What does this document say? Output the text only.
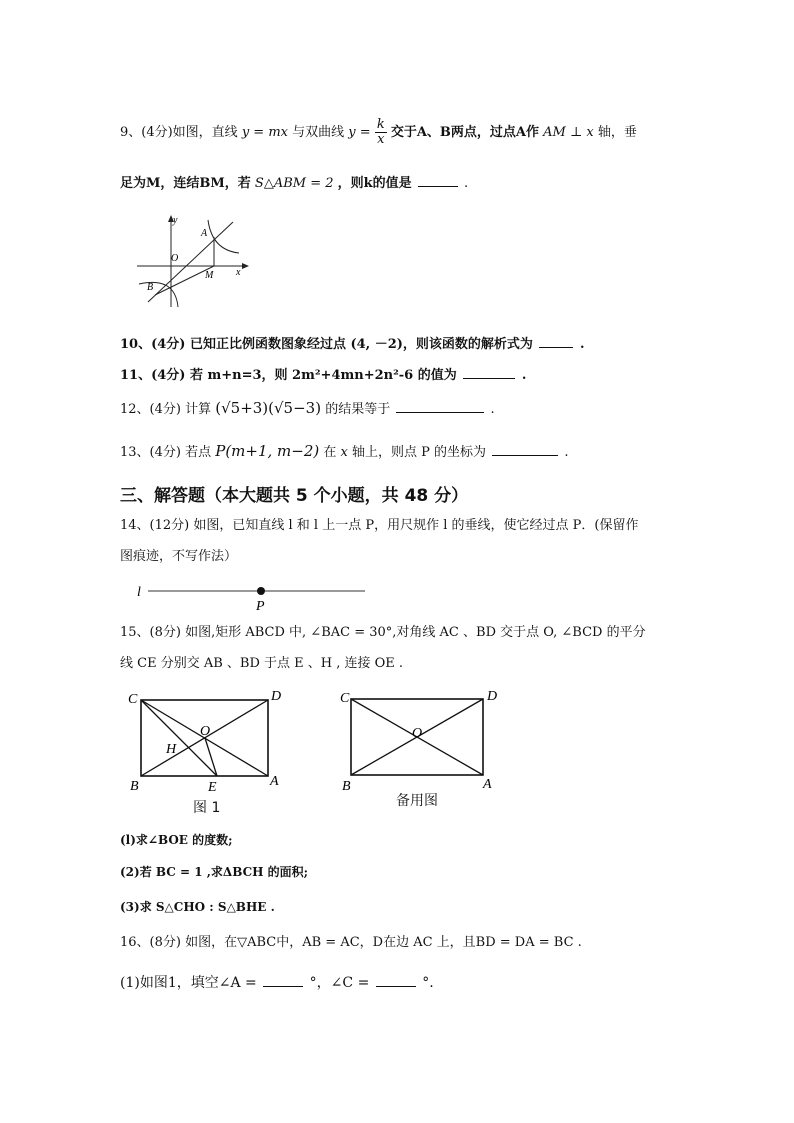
9、(4分)如图，直线 y = mx 与双曲线 $y = \frac{k}{x}$ 交于A、B两点，过点A作 AM ⊥ x 轴，垂
足为M，连结BM，若 S△ABM = 2 ，则k的值是	.
y
x
O
A
B
M
10、(4分) 已知正比例函数图象经过点 (4, －2)，则该函数的解析式为	.
11、(4分) 若 m+n=3，则 2m²+4mn+2n²-6 的值为	.
12、(4分) 计算 (√5+3)(√5−3) 的结果等于	.
13、(4分) 若点 P(m+1, m−2) 在 x 轴上，则点 P 的坐标为	.
三、解答题（本大题共 5 个小题，共 48 分）
14、(12分) 如图，已知直线 l 和 l 上一点 P，用尺规作 l 的垂线，使它经过点 P．(保留作
图痕迹，不写作法）
l
P
15、(8分) 如图,矩形 ABCD 中, ∠BAC = 30°,对角线 AC 、BD 交于点 O, ∠BCD 的平分
线 CE 分别交 AB 、BD 于点 E 、H , 连接 OE .
C	D
B	A
O
H
E
图 1
C	D
B	A
O
备用图
(l)求∠BOE 的度数;
(2)若 BC = 1 ,求ΔBCH 的面积;
(3)求 S△CHO : S△BHE .
16、(8分) 如图，在▽ABC中，AB = AC，D在边 AC 上，且BD = DA = BC .
(1)如图1，填空∠A =	°，∠C =	°.
